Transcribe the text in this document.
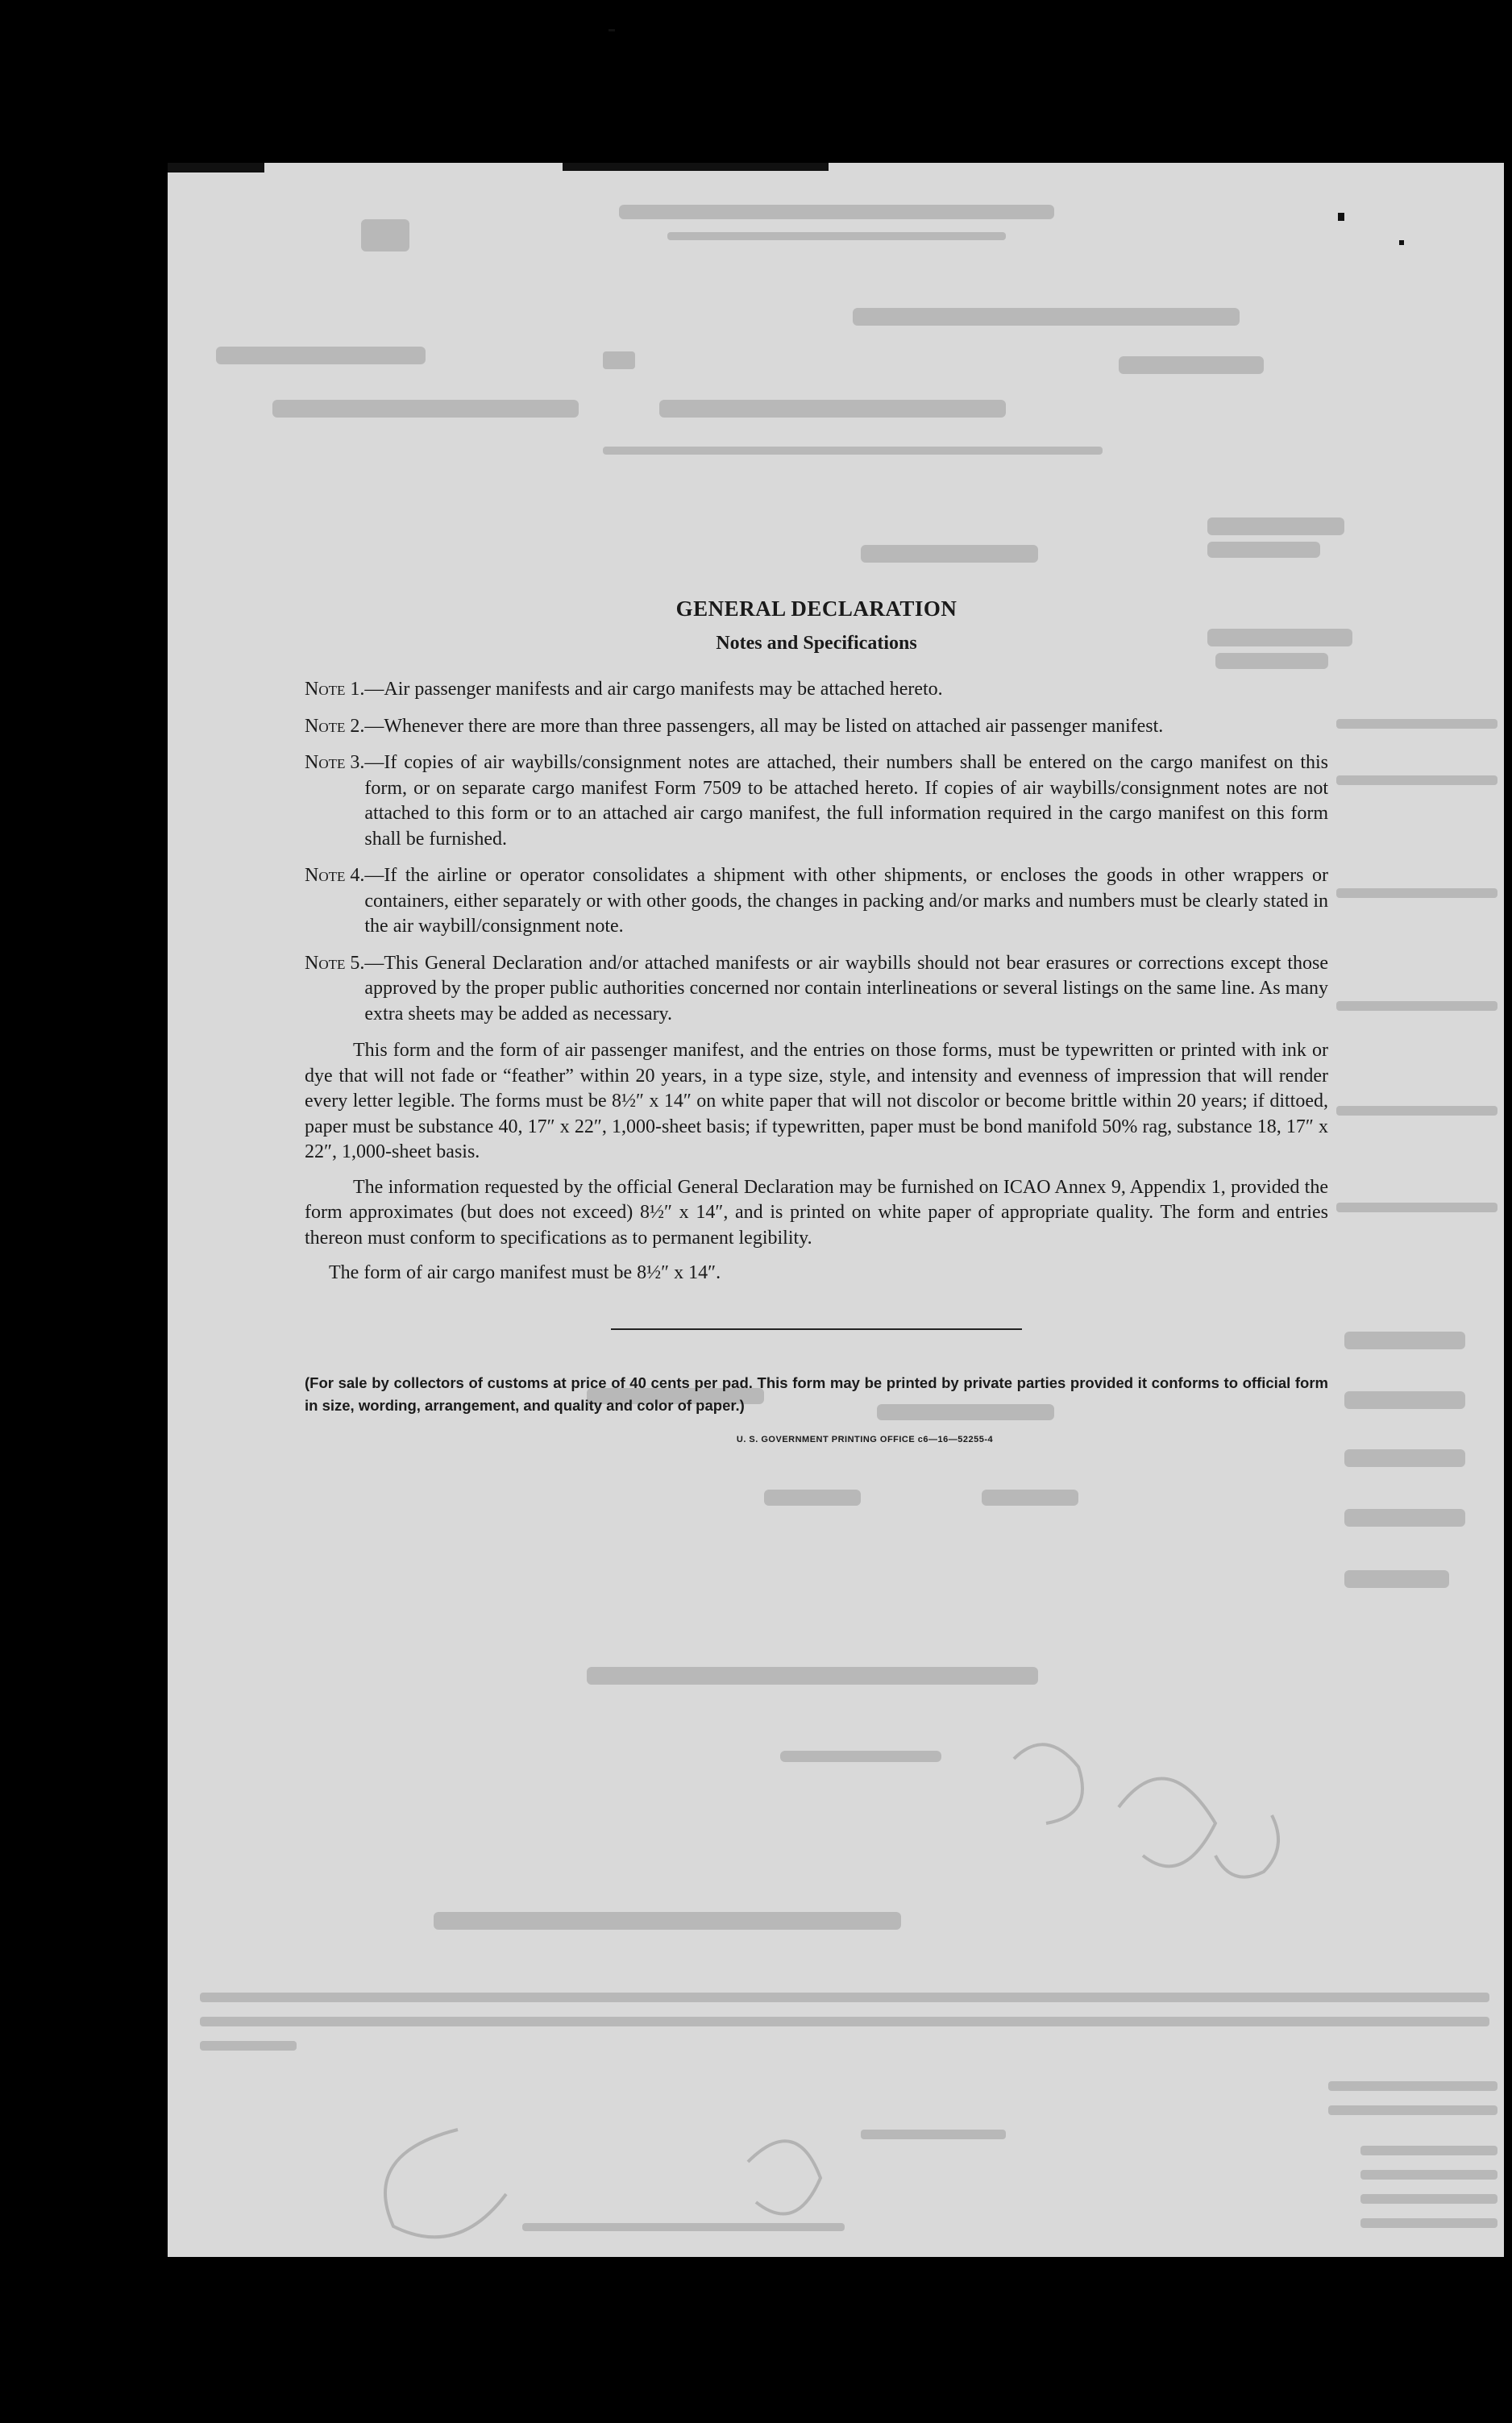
GENERAL DECLARATION
Notes and Specifications
Note 1. —Air passenger manifests and air cargo manifests may be attached hereto.
Note 2. —Whenever there are more than three passengers, all may be listed on attached air passenger manifest.
Note 3. —If copies of air waybills/consignment notes are attached, their numbers shall be entered on the cargo manifest on this form, or on separate cargo manifest Form 7509 to be attached hereto. If copies of air waybills/consignment notes are not attached to this form or to an attached air cargo manifest, the full information required in the cargo manifest on this form shall be furnished.
Note 4. —If the airline or operator consolidates a shipment with other shipments, or encloses the goods in other wrappers or containers, either separately or with other goods, the changes in packing and/or marks and numbers must be clearly stated in the air waybill/consignment note.
Note 5. —This General Declaration and/or attached manifests or air waybills should not bear erasures or corrections except those approved by the proper public authorities concerned nor contain interlineations or several listings on the same line. As many extra sheets may be added as necessary.

This form and the form of air passenger manifest, and the entries on those forms, must be typewritten or printed with ink or dye that will not fade or “feather” within 20 years, in a type size, style, and intensity and evenness of impression that will render every letter legible. The forms must be 8½″ x 14″ on white paper that will not discolor or become brittle within 20 years; if dittoed, paper must be substance 40, 17″ x 22″, 1,000-sheet basis; if typewritten, paper must be bond manifold 50% rag, substance 18, 17″ x 22″, 1,000-sheet basis.

The information requested by the official General Declaration may be furnished on ICAO Annex 9, Appendix 1, provided the form approximates (but does not exceed) 8½″ x 14″, and is printed on white paper of appropriate quality. The form and entries thereon must conform to specifications as to permanent legibility.

The form of air cargo manifest must be 8½″ x 14″.

(For sale by collectors of customs at price of 40 cents per pad. This form may be printed by private parties provided it conforms to official form in size, wording, arrangement, and quality and color of paper.)
U. S. GOVERNMENT PRINTING OFFICE c6—16—52255-4
